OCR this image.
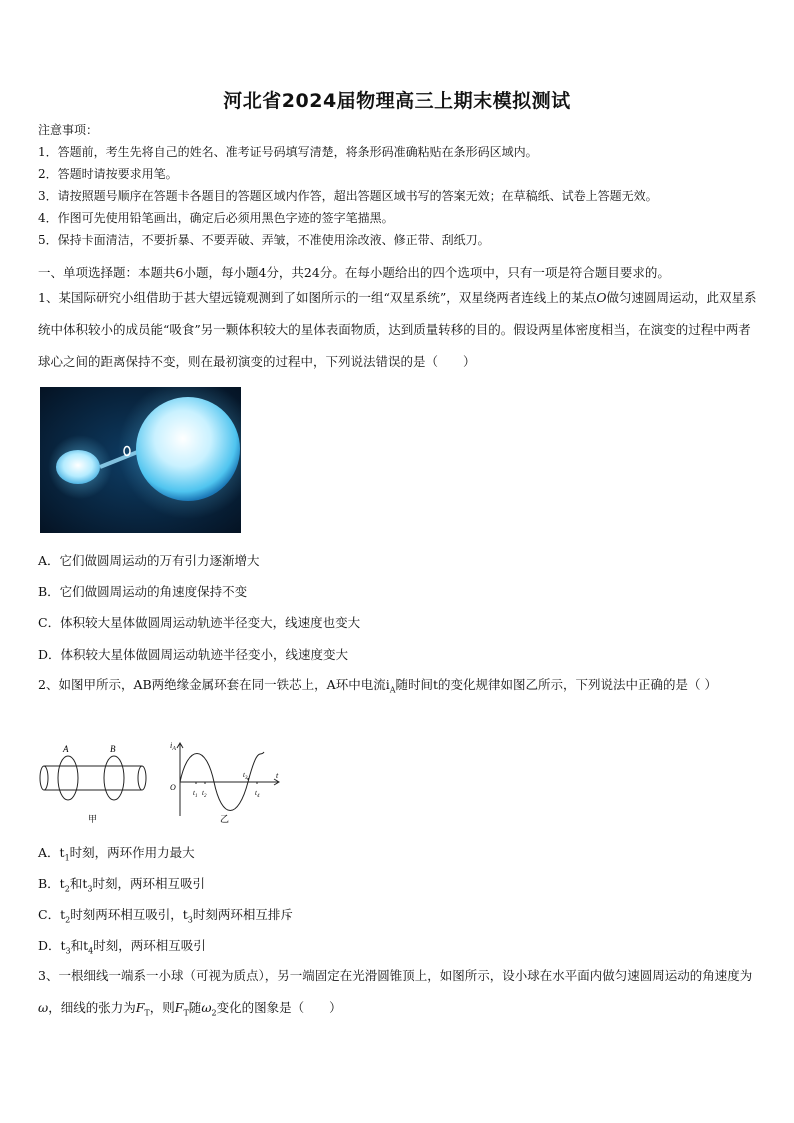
河北省2024届物理高三上期末模拟测试
注意事项：
1．答题前，考生先将自己的姓名、准考证号码填写清楚，将条形码准确粘贴在条形码区域内。
2．答题时请按要求用笔。
3．请按照题号顺序在答题卡各题目的答题区域内作答，超出答题区域书写的答案无效；在草稿纸、试卷上答题无效。
4．作图可先使用铅笔画出，确定后必须用黑色字迹的签字笔描黑。
5．保持卡面清洁，不要折暴、不要弄破、弄皱，不准使用涂改液、修正带、刮纸刀。
一、单项选择题：本题共6小题，每小题4分，共24分。在每小题给出的四个选项中，只有一项是符合题目要求的。
1、某国际研究小组借助于甚大望远镜观测到了如图所示的一组“双星系统”，双星绕两者连线上的某点O做匀速圆周运动，此双星系统中体积较小的成员能“吸食”另一颗体积较大的星体表面物质，达到质量转移的目的。假设两星体密度相当，在演变的过程中两者球心之间的距离保持不变，则在最初演变的过程中，下列说法错误的是（　　）
A．它们做圆周运动的万有引力逐渐增大
B．它们做圆周运动的角速度保持不变
C．体积较大星体做圆周运动轨迹半径变大，线速度也变大
D．体积较大星体做圆周运动轨迹半径变小，线速度变大
2、如图甲所示，AB两绝缘金属环套在同一铁芯上，A环中电流$i_A$随时间t的变化规律如图乙所示，下列说法中正确的是（ ）
A	B
甲
$i_A$
t
O
$t_1$ $t_2$
$t_3$
$t_4$
乙
A．$t_1$时刻，两环作用力最大
B．$t_2$和$t_3$时刻，两环相互吸引
C．$t_2$时刻两环相互吸引，$t_3$时刻两环相互排斥
D．$t_3$和$t_4$时刻，两环相互吸引
3、一根细线一端系一小球（可视为质点），另一端固定在光滑圆锥顶上，如图所示，设小球在水平面内做匀速圆周运动的角速度为ω，细线的张力为$F_T$，则$F_T$随$\omega_2$变化的图象是（　　）
